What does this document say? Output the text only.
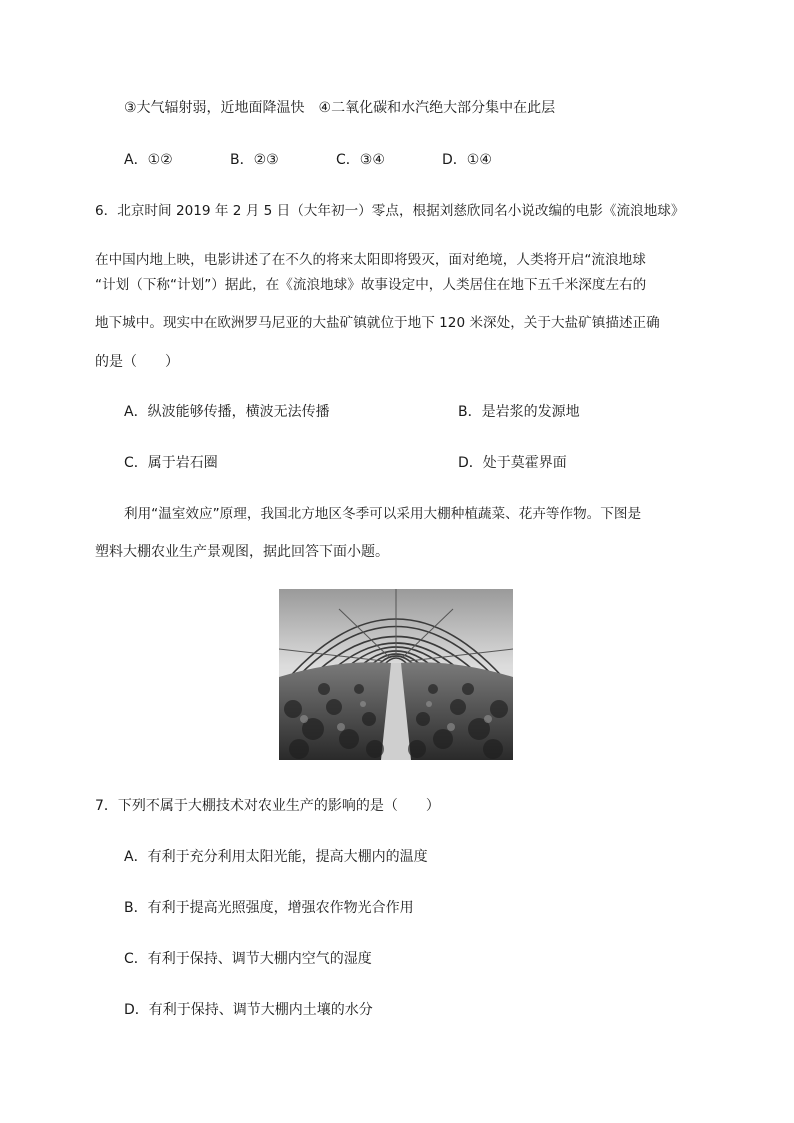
③大气辐射弱，近地面降温快　④二氧化碳和水汽绝大部分集中在此层
A．①②	B．②③	C．③④	D．①④
6．北京时间 2019 年 2 月 5 日（大年初一）零点，根据刘慈欣同名小说改编的电影《流浪地球》
在中国内地上映，电影讲述了在不久的将来太阳即将毁灭，面对绝境，人类将开启“流浪地球
“计划（下称“计划”）据此，在《流浪地球》故事设定中，人类居住在地下五千米深度左右的
地下城中。现实中在欧洲罗马尼亚的大盐矿镇就位于地下 120 米深处，关于大盐矿镇描述正确
的是（　　）
A．纵波能够传播，横波无法传播	B．是岩浆的发源地
C．属于岩石圈	D．处于莫霍界面
利用“温室效应”原理，我国北方地区冬季可以采用大棚种植蔬菜、花卉等作物。下图是
塑料大棚农业生产景观图，据此回答下面小题。
7．下列不属于大棚技术对农业生产的影响的是（　　）
A．有利于充分利用太阳光能，提高大棚内的温度
B．有利于提高光照强度，增强农作物光合作用
C．有利于保持、调节大棚内空气的湿度
D．有利于保持、调节大棚内土壤的水分
